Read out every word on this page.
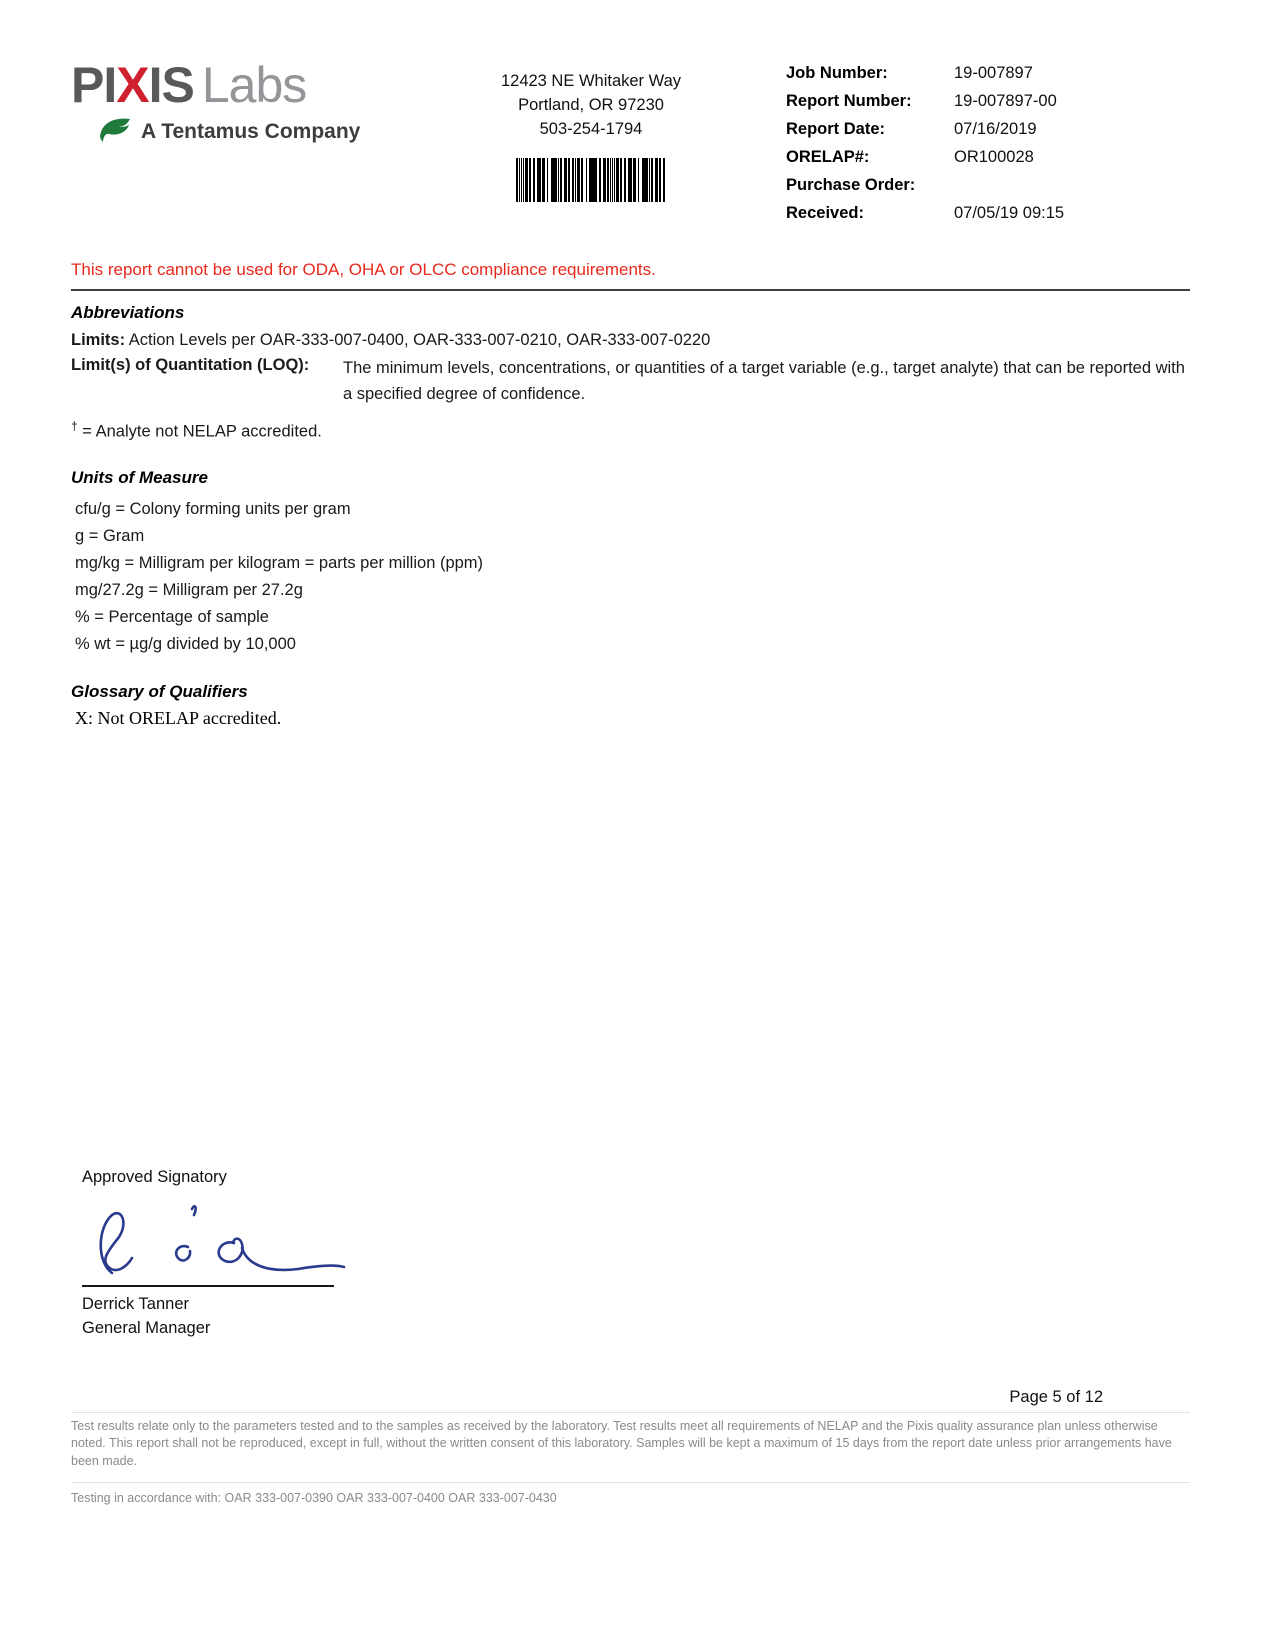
PIXIS Labs
A Tentamus Company
12423 NE Whitaker Way
Portland, OR 97230
503-254-1794
Job Number:	19-007897
Report Number:	19-007897-00
Report Date:	07/16/2019
ORELAP#:	OR100028
Purchase Order:
Received:	07/05/19 09:15
This report cannot be used for ODA, OHA or OLCC compliance requirements.
Abbreviations
Limits: Action Levels per OAR-333-007-0400, OAR-333-007-0210, OAR-333-007-0220
Limit(s) of Quantitation (LOQ):	The minimum levels, concentrations, or quantities of a target variable (e.g., target analyte) that can be reported with a specified degree of confidence.
† = Analyte not NELAP accredited.
Units of Measure
cfu/g = Colony forming units per gram
g = Gram
mg/kg = Milligram per kilogram = parts per million (ppm)
mg/27.2g = Milligram per 27.2g
% = Percentage of sample
% wt = µg/g divided by 10,000
Glossary of Qualifiers
X: Not ORELAP accredited.
Approved Signatory
Derrick Tanner
General Manager
Page 5 of 12
Test results relate only to the parameters tested and to the samples as received by the laboratory. Test results meet all requirements of NELAP and the Pixis quality assurance plan unless otherwise noted. This report shall not be reproduced, except in full, without the written consent of this laboratory. Samples will be kept a maximum of 15 days from the report date unless prior arrangements have been made.
Testing in accordance with: OAR 333-007-0390 OAR 333-007-0400 OAR 333-007-0430
